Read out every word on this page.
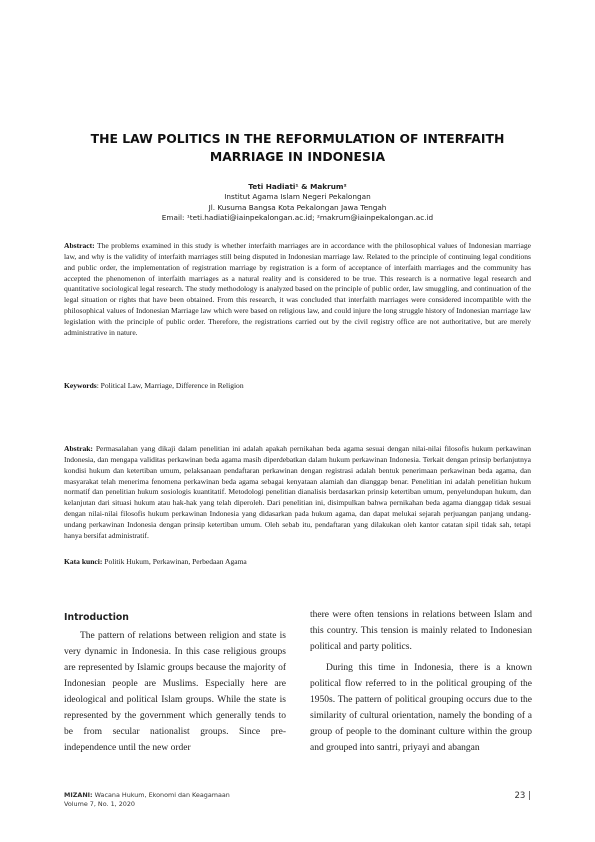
THE LAW POLITICS IN THE REFORMULATION OF INTERFAITH MARRIAGE IN INDONESIA
Teti Hadiati¹ & Makrum²
Institut Agama Islam Negeri Pekalongan
Jl. Kusuma Bangsa Kota Pekalongan Jawa Tengah
Email: ¹teti.hadiati@iainpekalongan.ac.id; ²makrum@iainpekalongan.ac.id
Abstract: The problems examined in this study is whether interfaith marriages are in accordance with the philosophical values of Indonesian marriage law, and why is the validity of interfaith marriages still being disputed in Indonesian marriage law. Related to the principle of continuing legal conditions and public order, the implementation of registration marriage by registration is a form of acceptance of interfaith marriages and the community has accepted the phenomenon of interfaith marriages as a natural reality and is considered to be true. This research is a normative legal research and quantitative sociological legal research. The study methodology is analyzed based on the principle of public order, law smuggling, and continuation of the legal situation or rights that have been obtained. From this research, it was concluded that interfaith marriages were considered incompatible with the philosophical values of Indonesian Marriage law which were based on religious law, and could injure the long struggle history of Indonesian marriage law legislation with the principle of public order. Therefore, the registrations carried out by the civil registry office are not authoritative, but are merely administrative in nature.
Keywords: Political Law, Marriage, Difference in Religion
Abstrak: Permasalahan yang dikaji dalam penelitian ini adalah apakah pernikahan beda agama sesuai dengan nilai-nilai filosofis hukum perkawinan Indonesia, dan mengapa validitas perkawinan beda agama masih diperdebatkan dalam hukum perkawinan Indonesia. Terkait dengan prinsip berlanjutnya kondisi hukum dan ketertiban umum, pelaksanaan pendaftaran perkawinan dengan registrasi adalah bentuk penerimaan perkawinan beda agama, dan masyarakat telah menerima fenomena perkawinan beda agama sebagai kenyataan alamiah dan dianggap benar. Penelitian ini adalah penelitian hukum normatif dan penelitian hukum sosiologis kuantitatif. Metodologi penelitian dianalisis berdasarkan prinsip ketertiban umum, penyelundupan hukum, dan kelanjutan dari situasi hukum atau hak-hak yang telah diperoleh. Dari penelitian ini, disimpulkan bahwa pernikahan beda agama dianggap tidak sesuai dengan nilai-nilai filosofis hukum perkawinan Indonesia yang didasarkan pada hukum agama, dan dapat melukai sejarah perjuangan panjang undang-undang perkawinan Indonesia dengan prinsip ketertiban umum. Oleh sebab itu, pendaftaran yang dilakukan oleh kantor catatan sipil tidak sah, tetapi hanya bersifat administratif.
Kata kunci: Politik Hukum, Perkawinan, Perbedaan Agama
Introduction

The pattern of relations between religion and state is very dynamic in Indonesia. In this case religious groups are represented by Islamic groups because the majority of Indonesian people are Muslims. Especially here are ideological and political Islam groups. While the state is represented by the government which generally tends to be from secular nationalist groups. Since pre-independence until the new order

there were often tensions in relations between Islam and this country. This tension is mainly related to Indonesian political and party politics.

During this time in Indonesia, there is a known political flow referred to in the political grouping of the 1950s. The pattern of political grouping occurs due to the similarity of cultural orientation, namely the bonding of a group of people to the dominant culture within the group and grouped into santri, priyayi and abangan

MIZANI: Wacana Hukum, Ekonomi dan Keagamaan
Volume 7, No. 1, 2020
23 |
